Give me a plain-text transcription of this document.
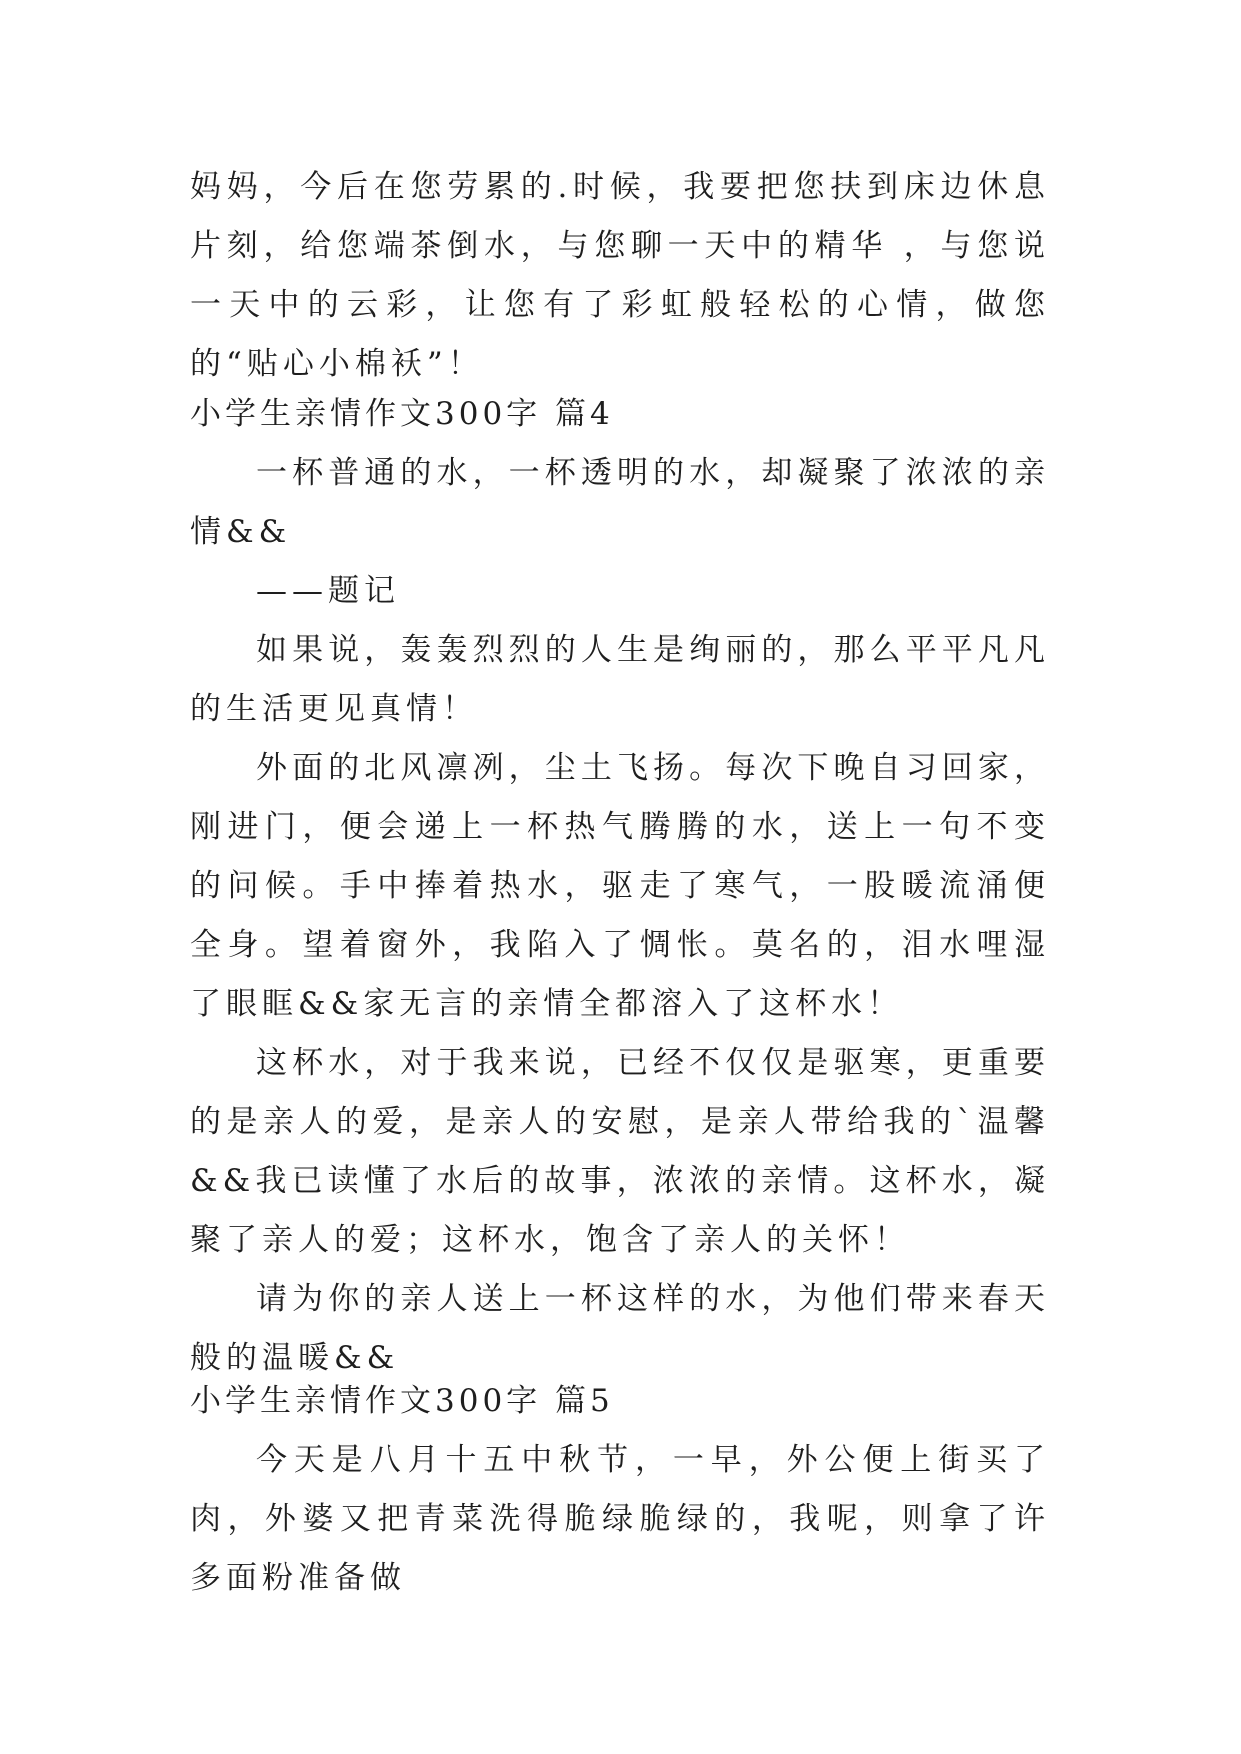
妈妈，今后在您劳累的.时候，我要把您扶到床边休息片刻，给您端茶倒水，与您聊一天中的精华 ，与您说一天中的云彩，让您有了彩虹般轻松的心情，做您的“贴心小棉袄”！

小学生亲情作文300字 篇4

一杯普通的水，一杯透明的水，却凝聚了浓浓的亲情&&

——题记

如果说，轰轰烈烈的人生是绚丽的，那么平平凡凡的生活更见真情！

外面的北风凛冽，尘土飞扬。每次下晚自习回家，刚进门，便会递上一杯热气腾腾的水，送上一句不变的问候。手中捧着热水，驱走了寒气，一股暖流涌便全身。望着窗外，我陷入了惆怅。莫名的，泪水哩湿了眼眶&&家无言的亲情全都溶入了这杯水！

这杯水，对于我来说，已经不仅仅是驱寒，更重要的是亲人的爱，是亲人的安慰，是亲人带给我的`温馨&&我已读懂了水后的故事，浓浓的亲情。这杯水，凝聚了亲人的爱；这杯水，饱含了亲人的关怀！

请为你的亲人送上一杯这样的水，为他们带来春天般的温暖&&

小学生亲情作文300字 篇5

今天是八月十五中秋节，一早，外公便上街买了肉，外婆又把青菜洗得脆绿脆绿的，我呢，则拿了许多面粉准备做
